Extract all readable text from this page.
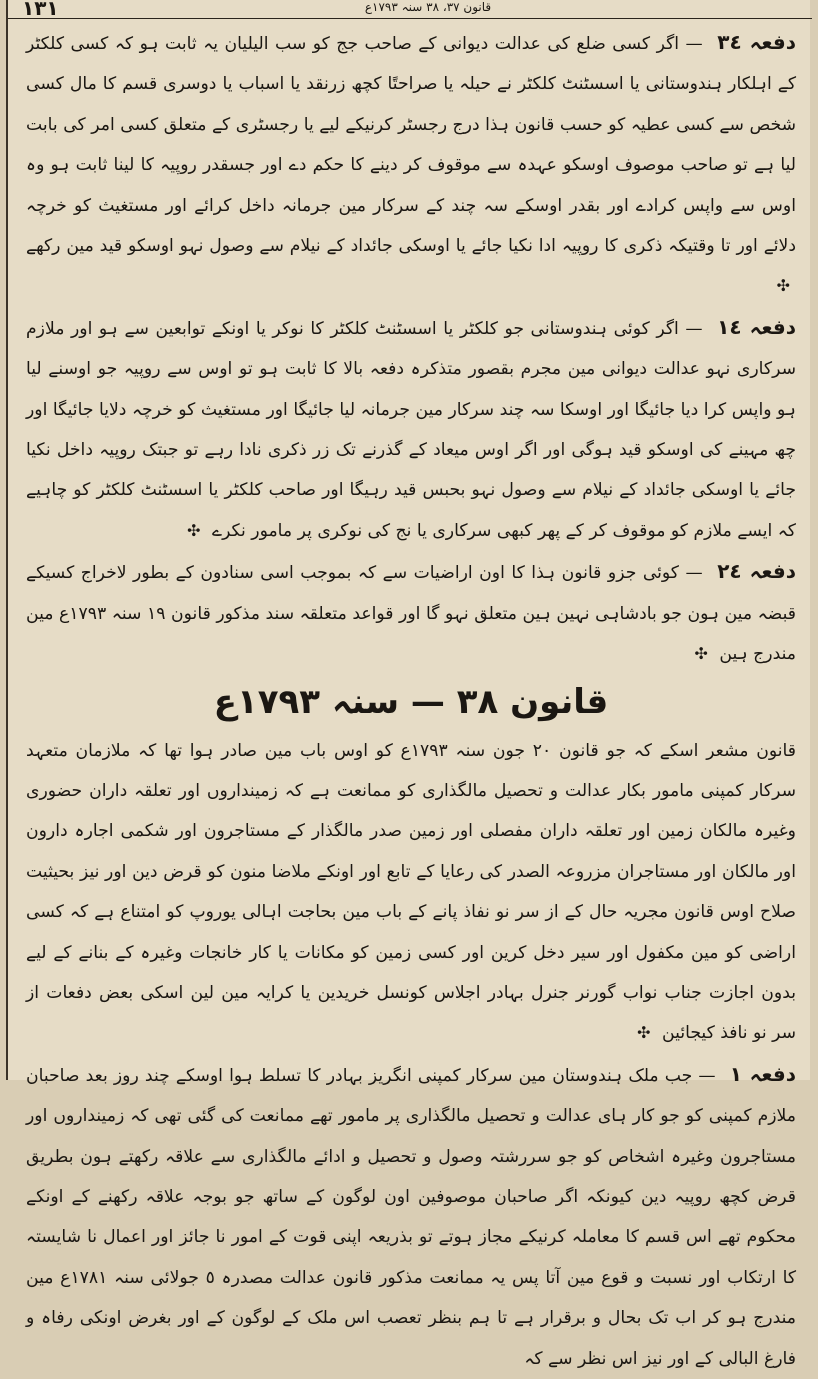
١٣١	قانون ٣٧، ٣٨ سنہ ١٧٩٣ع

دفعہ ٣٤ — اگر کسی ضلع کی عدالت دیوانی کے صاحب جج کو سب الیلیان یہ ثابت ہو کہ کسی کلکٹر کے اہلکار ہندوستانی یا اسسٹنٹ کلکٹر نے حیلہ یا صراحتًا کچھ زرنقد یا اسباب یا دوسری قسم کا مال کسی شخص سے کسی عطیہ کو حسب قانون ہذا درج رجسٹر کرنیکے لیے یا رجسٹری کے متعلق کسی امر کی بابت لیا ہے تو صاحب موصوف اوسکو عہدہ سے موقوف کر دینے کا حکم دے اور جسقدر روپیہ کا لینا ثابت ہو وہ اوس سے واپس کرادے اور بقدر اوسکے سہ چند کے سرکار مین جرمانہ داخل کرائے اور مستغیث کو خرچہ دلائے اور تا وقتیکہ ذکری کا روپیہ ادا نکیا جائے یا اوسکی جائداد کے نیلام سے وصول نہو اوسکو قید مین رکھے ✣

دفعہ ١٤ — اگر کوئی ہندوستانی جو کلکٹر یا اسسٹنٹ کلکٹر کا نوکر یا اونکے توابعین سے ہو اور ملازم سرکاری نہو عدالت دیوانی مین مجرم بقصور متذکرہ دفعہ بالا کا ثابت ہو تو اوس سے روپیہ جو اوسنے لیا ہو واپس کرا دیا جائیگا اور اوسکا سہ چند سرکار مین جرمانہ لیا جائیگا اور مستغیث کو خرچہ دلایا جائیگا اور چھ مہینے کی اوسکو قید ہوگی اور اگر اوس میعاد کے گذرنے تک زر ذکری نادا رہے تو جبتک روپیہ داخل نکیا جائے یا اوسکی جائداد کے نیلام سے وصول نہو بحبس قید رہیگا اور صاحب کلکٹر یا اسسٹنٹ کلکٹر کو چاہیے کہ ایسے ملازم کو موقوف کر کے پھر کبھی سرکاری یا نج کی نوکری پر مامور نکرے ✣

دفعہ ٢٤ — کوئی جزو قانون ہذا کا اون اراضیات سے کہ بموجب اسی سنادون کے بطور لاخراج کسیکے قبضہ مین ہون جو بادشاہی نہین ہین متعلق نہو گا اور قواعد متعلقہ سند مذکور قانون ١٩ سنہ ١٧٩٣ع مین مندرج ہین ✣

قانون ٣٨ — سنہ ١٧٩٣ع

قانون مشعر اسکے کہ جو قانون ٢٠ جون سنہ ١٧٩٣ع کو اوس باب مین صادر ہوا تھا کہ ملازمان متعہد سرکار کمپنی مامور بکار عدالت و تحصیل مالگذاری کو ممانعت ہے کہ زمینداروں اور تعلقہ داران حضوری وغیرہ مالکان زمین اور تعلقہ داران مفصلی اور زمین صدر مالگذار کے مستاجرون اور شکمی اجارہ دارون اور مالکان اور مستاجران مزروعہ الصدر کی رعایا کے تابع اور اونکے ملاضا منون کو قرض دین اور نیز بحیثیت صلاح اوس قانون مجریہ حال کے از سر نو نفاذ پانے کے باب مین بحاجت اہالی یوروپ کو امتناع ہے کہ کسی اراضی کو مین مکفول اور سیر دخل کرین اور کسی زمین کو مکانات یا کار خانجات وغیرہ کے بنانے کے لیے بدون اجازت جناب نواب گورنر جنرل بہادر اجلاس کونسل خریدین یا کرایہ مین لین اسکی بعض دفعات از سر نو نافذ کیجائین ✣

دفعہ ١ — جب ملک ہندوستان مین سرکار کمپنی انگریز بہادر کا تسلط ہوا اوسکے چند روز بعد صاحبان ملازم کمپنی کو جو کار ہای عدالت و تحصیل مالگذاری پر مامور تھے ممانعت کی گئی تھی کہ زمینداروں اور مستاجرون وغیرہ اشخاص کو جو سررشتہ وصول و تحصیل و ادائے مالگذاری سے علاقہ رکھتے ہون بطریق قرض کچھ روپیہ دین کیونکہ اگر صاحبان موصوفین اون لوگون کے ساتھ جو بوجہ علاقہ رکھنے کے اونکے محکوم تھے اس قسم کا معاملہ کرنیکے مجاز ہوتے تو بذریعہ اپنی قوت کے امور نا جائز اور اعمال نا شایستہ کا ارتکاب اور نسبت و قوع مین آتا پس یہ ممانعت مذکور قانون عدالت مصدرہ ٥ جولائی سنہ ١٧٨١ع مین مندرج ہو کر اب تک بحال و برقرار ہے تا ہم بنظر تعصب اس ملک کے لوگون کے اور بغرض اونکی رفاہ و فارغ البالی کے اور نیز اس نظر سے کہ
